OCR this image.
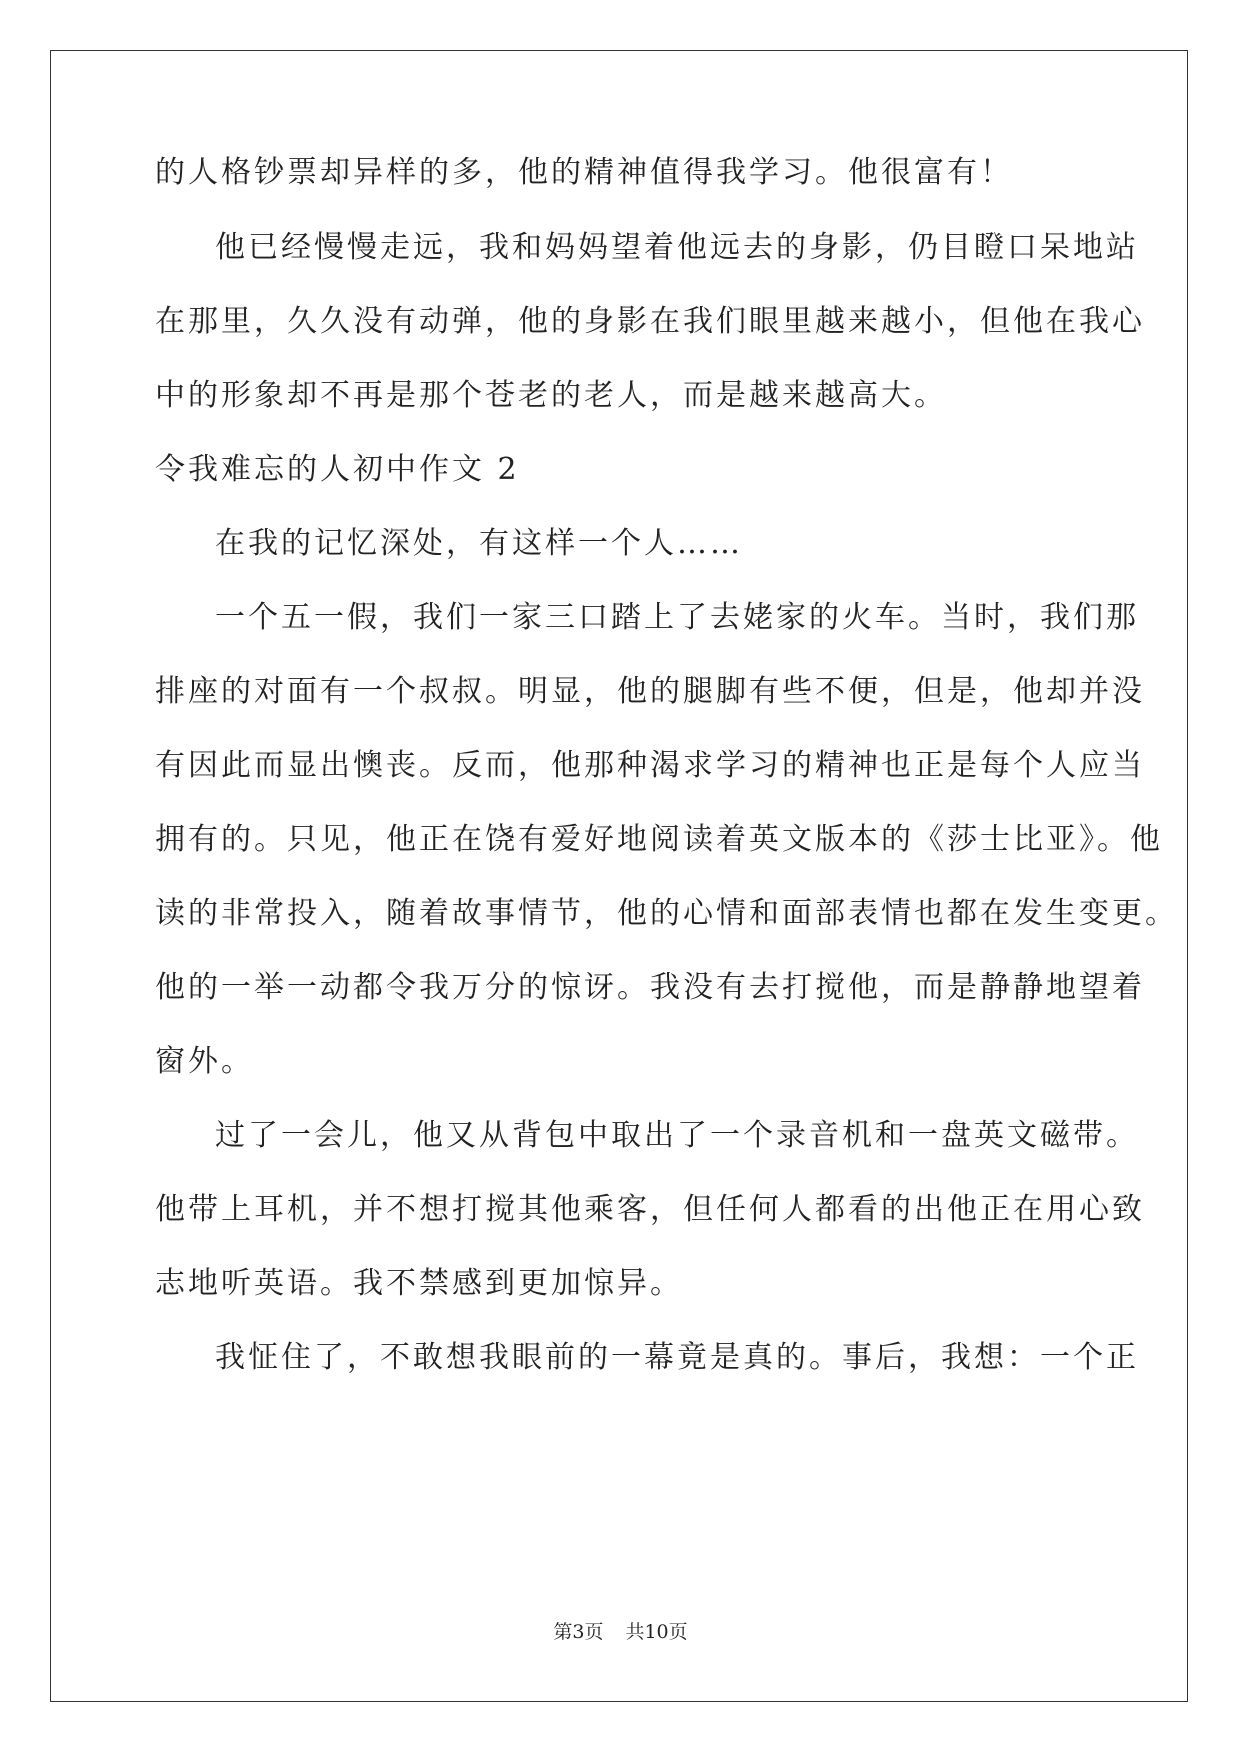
的人格钞票却异样的多，他的精神值得我学习。他很富有！
他已经慢慢走远，我和妈妈望着他远去的身影，仍目瞪口呆地站
在那里，久久没有动弹，他的身影在我们眼里越来越小，但他在我心
中的形象却不再是那个苍老的老人，而是越来越高大。
令我难忘的人初中作文 2
在我的记忆深处，有这样一个人……
一个五一假，我们一家三口踏上了去姥家的火车。当时，我们那
排座的对面有一个叔叔。明显，他的腿脚有些不便，但是，他却并没
有因此而显出懊丧。反而，他那种渴求学习的精神也正是每个人应当
拥有的。只见，他正在饶有爱好地阅读着英文版本的《莎士比亚》。他
读的非常投入，随着故事情节，他的心情和面部表情也都在发生变更。
他的一举一动都令我万分的惊讶。我没有去打搅他，而是静静地望着
窗外。
过了一会儿，他又从背包中取出了一个录音机和一盘英文磁带。
他带上耳机，并不想打搅其他乘客，但任何人都看的出他正在用心致
志地听英语。我不禁感到更加惊异。
我怔住了，不敢想我眼前的一幕竟是真的。事后，我想：一个正
第3页 共10页
